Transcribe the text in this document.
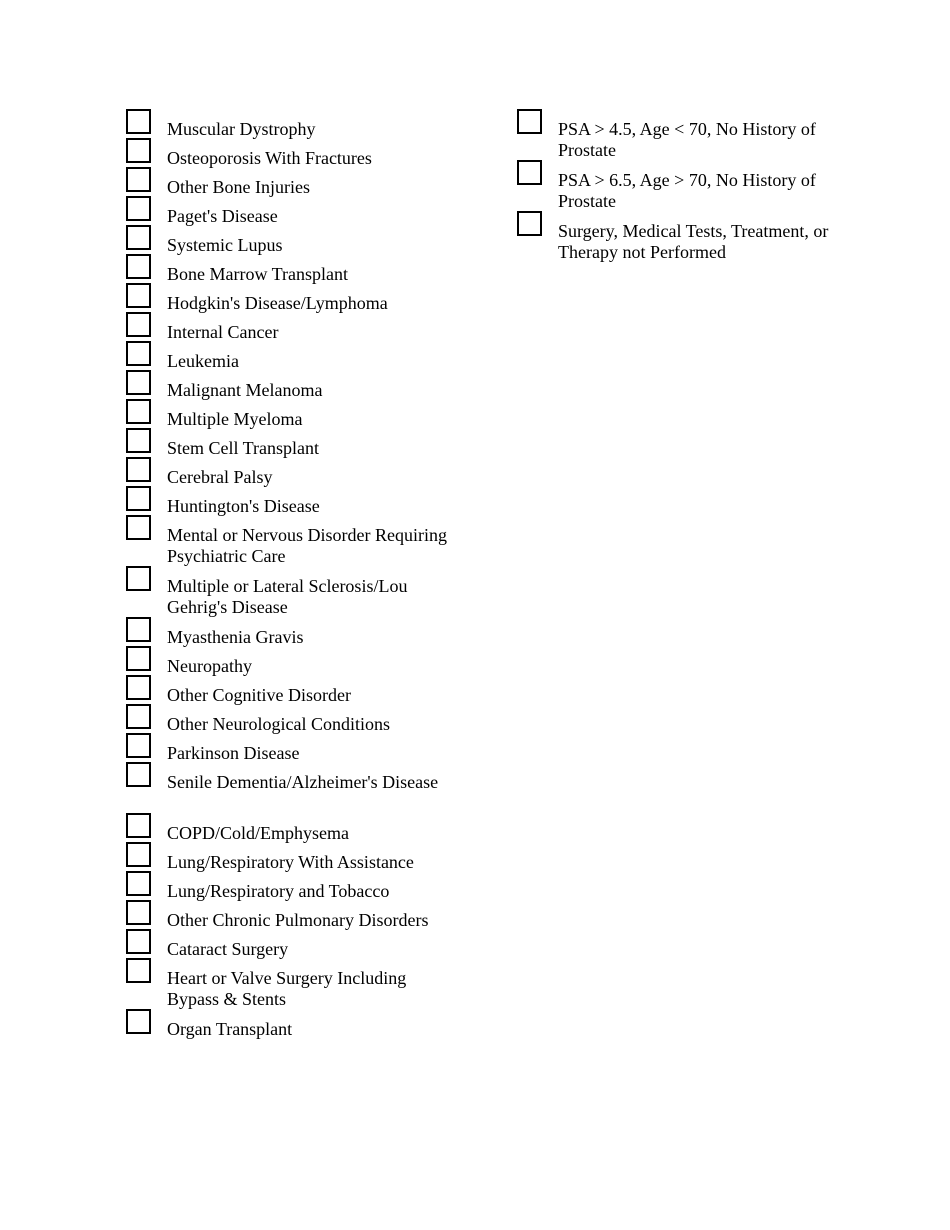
Muscular Dystrophy
Osteoporosis With Fractures
Other Bone Injuries
Paget's Disease
Systemic Lupus
Bone Marrow Transplant
Hodgkin's Disease/Lymphoma
Internal Cancer
Leukemia
Malignant Melanoma
Multiple Myeloma
Stem Cell Transplant
Cerebral Palsy
Huntington's Disease
Mental or Nervous Disorder Requiring Psychiatric Care
Multiple or Lateral Sclerosis/Lou Gehrig's Disease
Myasthenia Gravis
Neuropathy
Other Cognitive Disorder
Other Neurological Conditions
Parkinson Disease
Senile Dementia/Alzheimer's Disease
COPD/Cold/Emphysema
Lung/Respiratory With Assistance
Lung/Respiratory and Tobacco
Other Chronic Pulmonary Disorders
Cataract Surgery
Heart or Valve Surgery Including Bypass & Stents
Organ Transplant
PSA > 4.5, Age < 70, No History of Prostate
PSA > 6.5, Age > 70, No History of Prostate
Surgery, Medical Tests, Treatment, or Therapy not Performed
